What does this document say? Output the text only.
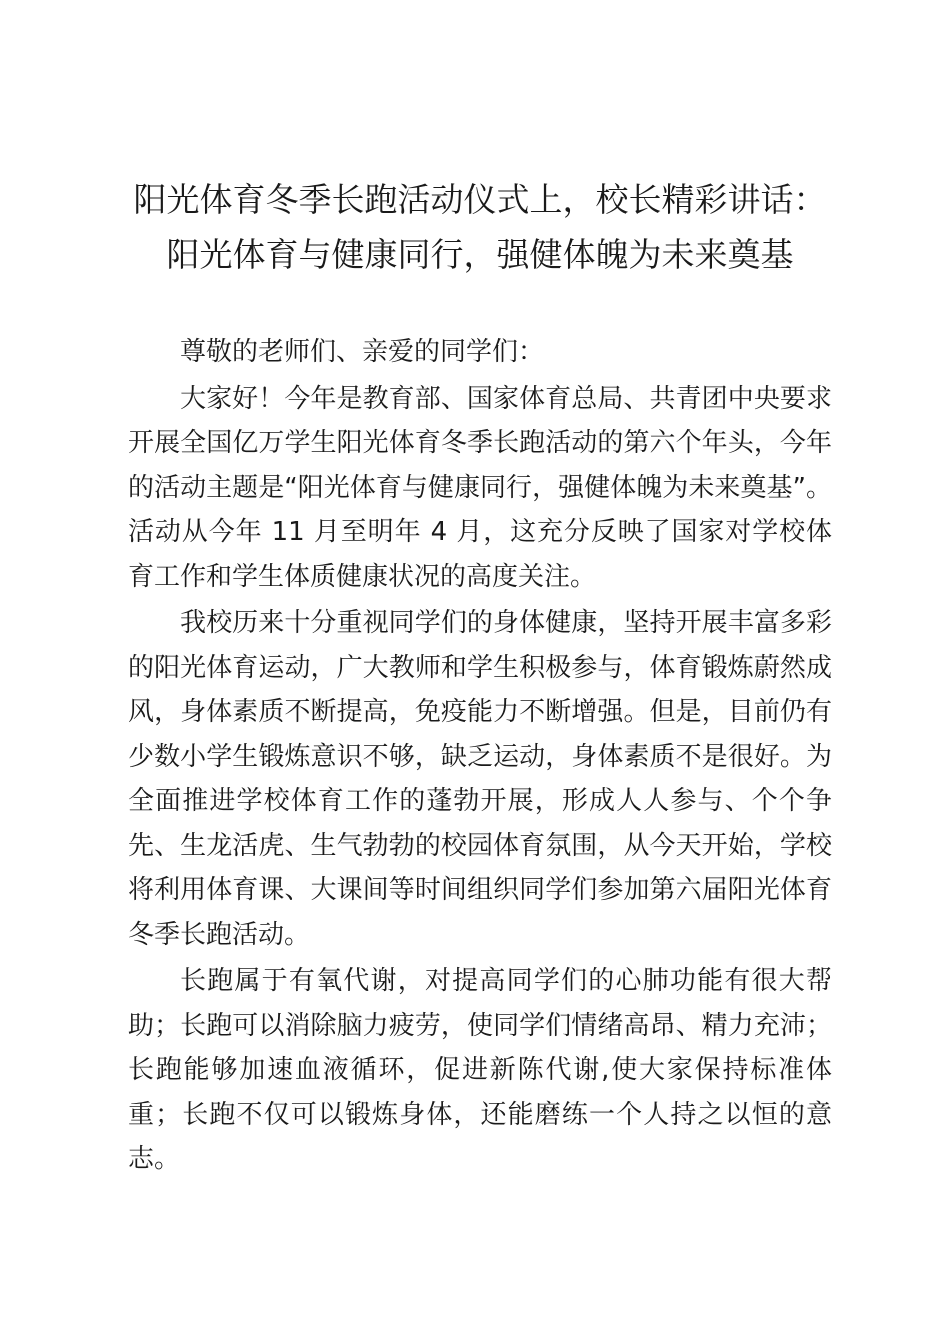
阳光体育冬季长跑活动仪式上，校长精彩讲话：阳光体育与健康同行，强健体魄为未来奠基

尊敬的老师们、亲爱的同学们：

大家好！今年是教育部、国家体育总局、共青团中央要求开展全国亿万学生阳光体育冬季长跑活动的第六个年头，今年的活动主题是“阳光体育与健康同行，强健体魄为未来奠基”。活动从今年 11 月至明年 4 月，这充分反映了国家对学校体育工作和学生体质健康状况的高度关注。

我校历来十分重视同学们的身体健康，坚持开展丰富多彩的阳光体育运动，广大教师和学生积极参与，体育锻炼蔚然成风，身体素质不断提高，免疫能力不断增强。但是，目前仍有少数小学生锻炼意识不够，缺乏运动，身体素质不是很好。为全面推进学校体育工作的蓬勃开展，形成人人参与、个个争先、生龙活虎、生气勃勃的校园体育氛围，从今天开始，学校将利用体育课、大课间等时间组织同学们参加第六届阳光体育冬季长跑活动。

长跑属于有氧代谢，对提高同学们的心肺功能有很大帮助；长跑可以消除脑力疲劳，使同学们情绪高昂、精力充沛；长跑能够加速血液循环，促进新陈代谢,使大家保持标准体重；长跑不仅可以锻炼身体，还能磨练一个人持之以恒的意志。
